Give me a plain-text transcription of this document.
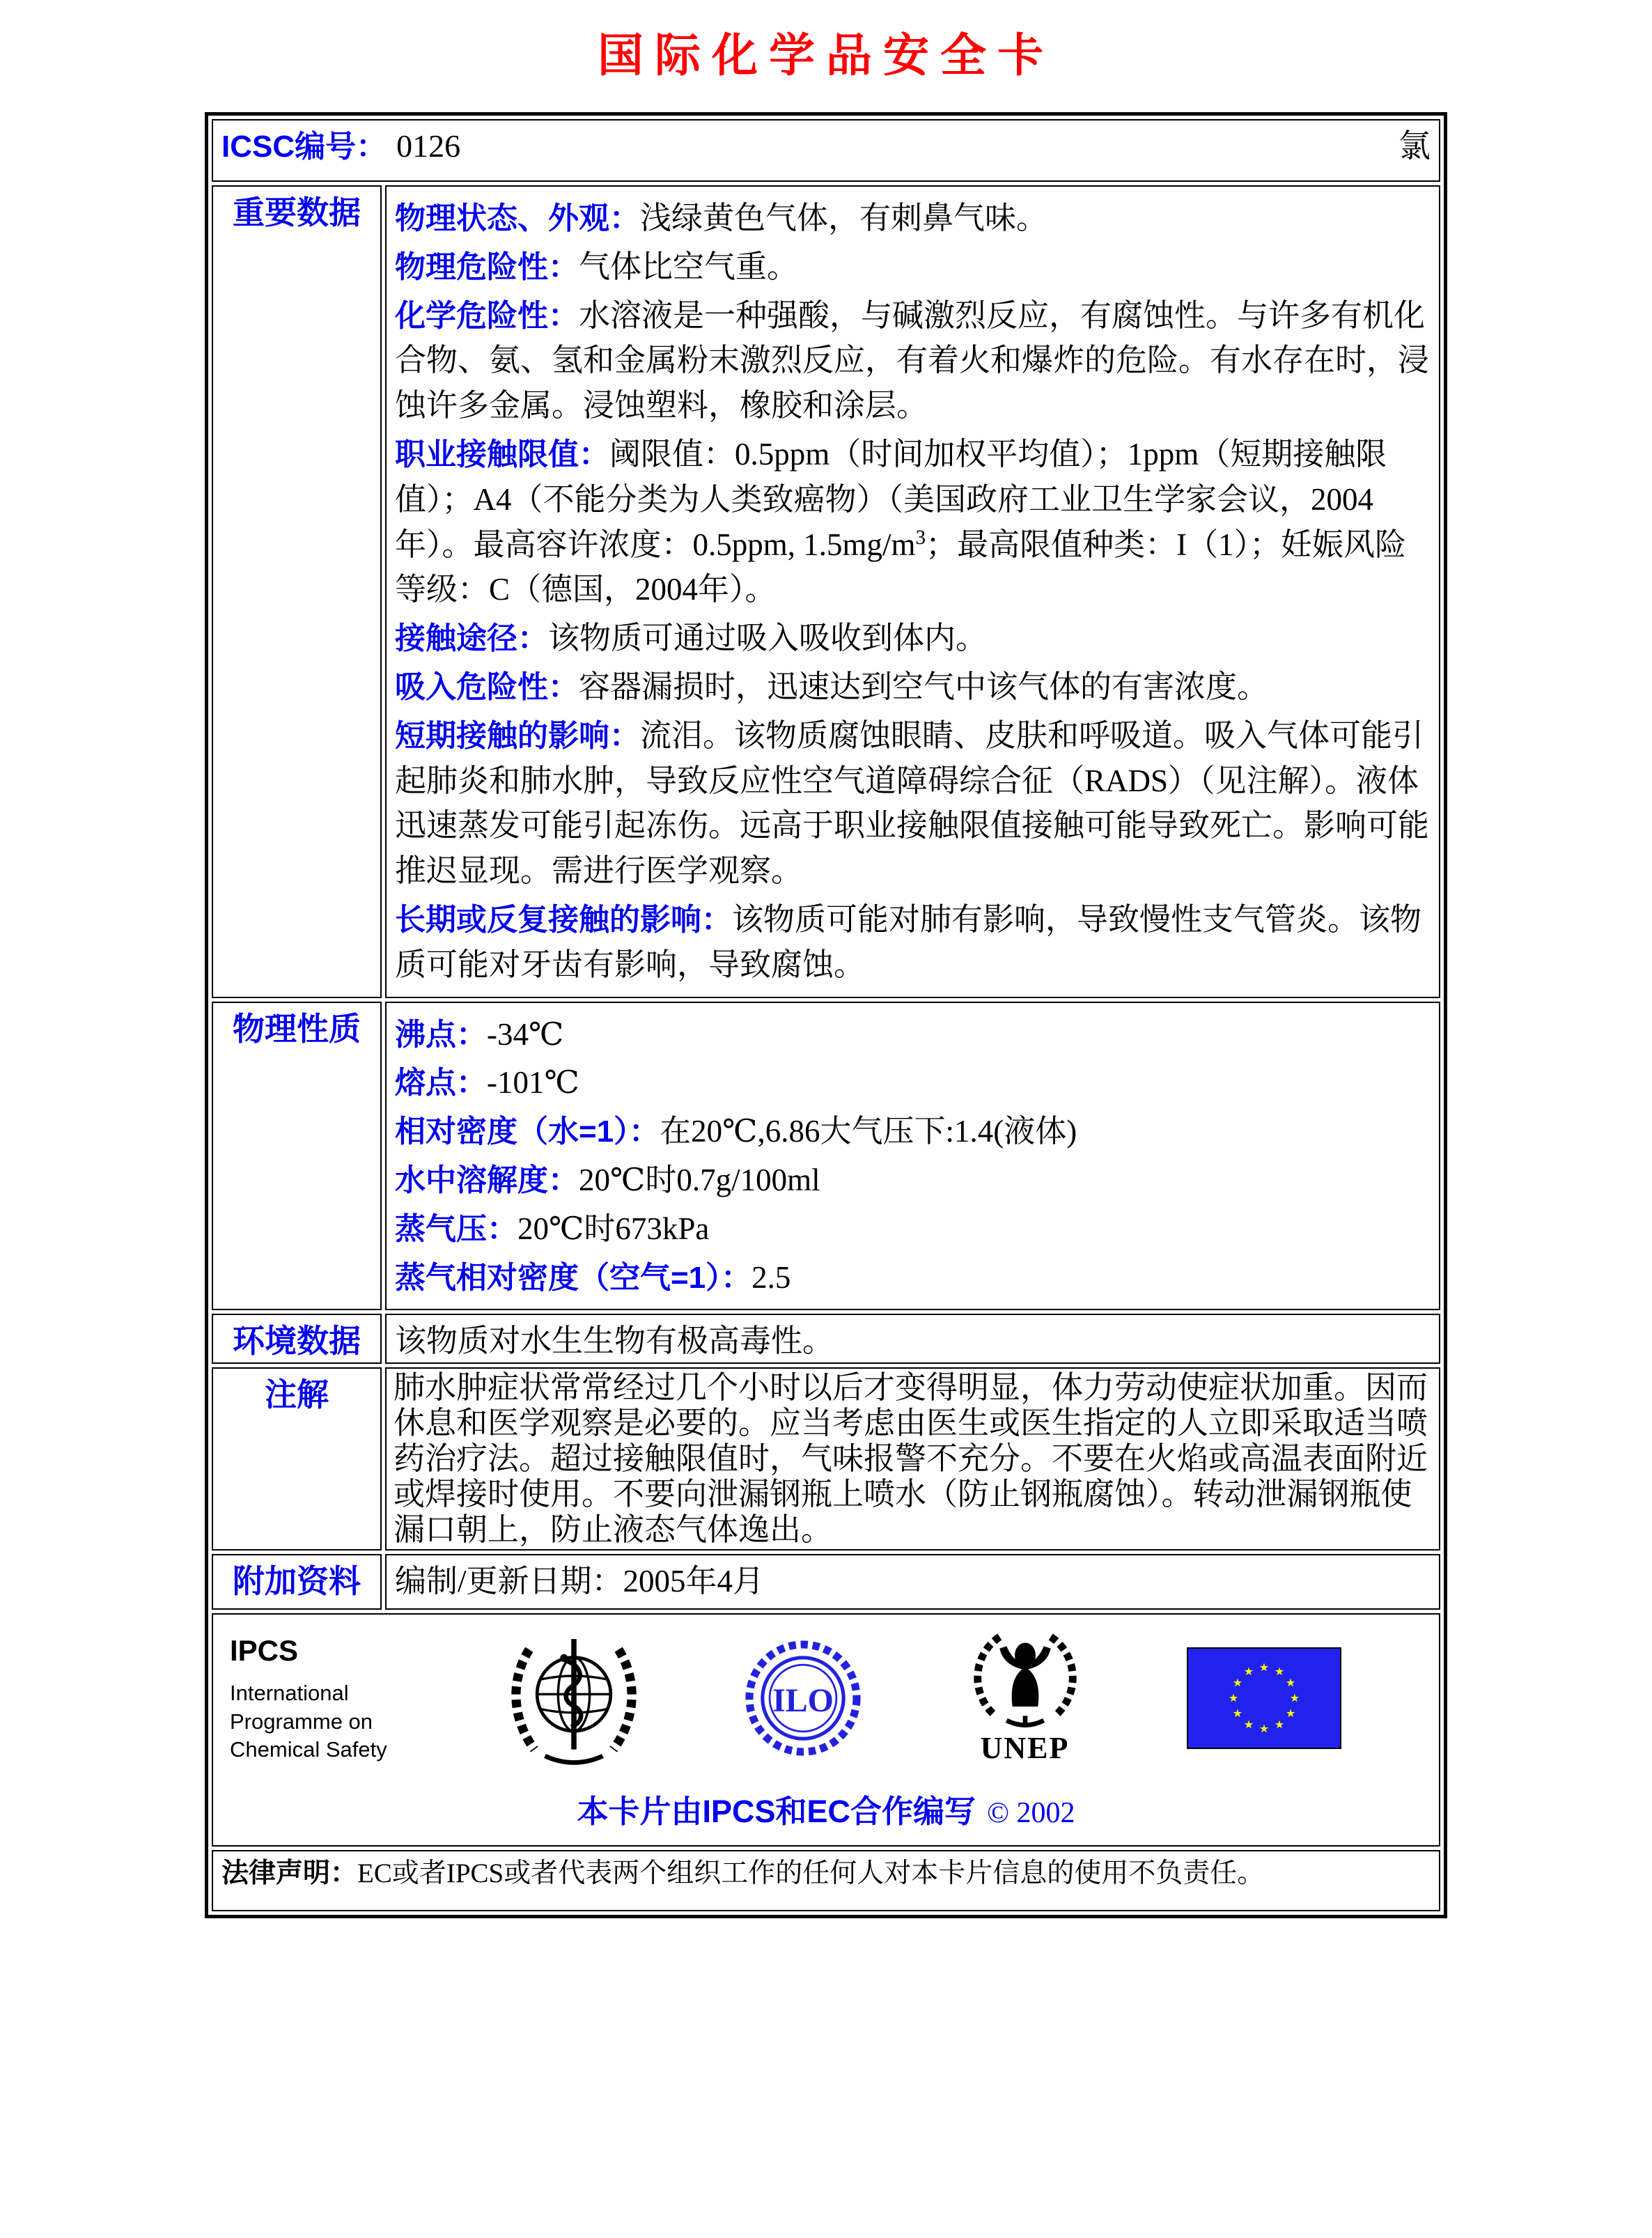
国际化学品安全卡
ICSC编号： 0126 氯	

重要数据	物理状态、外观：浅绿黄色气体，有刺鼻气味。

物理危险性：气体比空气重。

化学危险性：水溶液是一种强酸，与碱激烈反应，有腐蚀性。与许多有机化合物、氨、氢和金属粉末激烈反应，有着火和爆炸的危险。有水存在时，浸蚀许多金属。浸蚀塑料，橡胶和涂层。

职业接触限值：阈限值：0.5ppm（时间加权平均值）；1ppm（短期接触限值）；A4（不能分类为人类致癌物）（美国政府工业卫生学家会议，2004年）。最高容许浓度：0.5ppm, $1.5mg/m^3$；最高限值种类：I（1）；妊娠风险等级：C（德国，2004年）。

接触途径：该物质可通过吸入吸收到体内。

吸入危险性：容器漏损时，迅速达到空气中该气体的有害浓度。

短期接触的影响：流泪。该物质腐蚀眼睛、皮肤和呼吸道。吸入气体可能引起肺炎和肺水肿，导致反应性空气道障碍综合征（RADS）（见注解）。液体迅速蒸发可能引起冻伤。远高于职业接触限值接触可能导致死亡。影响可能推迟显现。需进行医学观察。

长期或反复接触的影响：该物质可能对肺有影响，导致慢性支气管炎。该物质可能对牙齿有影响，导致腐蚀。

物理性质	沸点：-34℃

熔点：-101℃

相对密度（水=1）：在20℃,6.86大气压下:1.4(液体)

水中溶解度：20℃时0.7g/100ml

蒸气压：20℃时673kPa

蒸气相对密度（空气=1）：2.5

环境数据	该物质对水生生物有极高毒性。
注解	肺水肿症状常常经过几个小时以后才变得明显，体力劳动使症状加重。因而休息和医学观察是必要的。应当考虑由医生或医生指定的人立即采取适当喷药治疗法。超过接触限值时，气味报警不充分。不要在火焰或高温表面附近或焊接时使用。不要向泄漏钢瓶上喷水（防止钢瓶腐蚀）。转动泄漏钢瓶使漏口朝上，防止液态气体逸出。
附加资料	编制/更新日期：2005年4月

IPCS
International
Programme on
Chemical Safety
ILO
UNEP
本卡片由IPCS和EC合作编写 © 2002

法律声明：EC或者IPCS或者代表两个组织工作的任何人对本卡片信息的使用不负责任。	
